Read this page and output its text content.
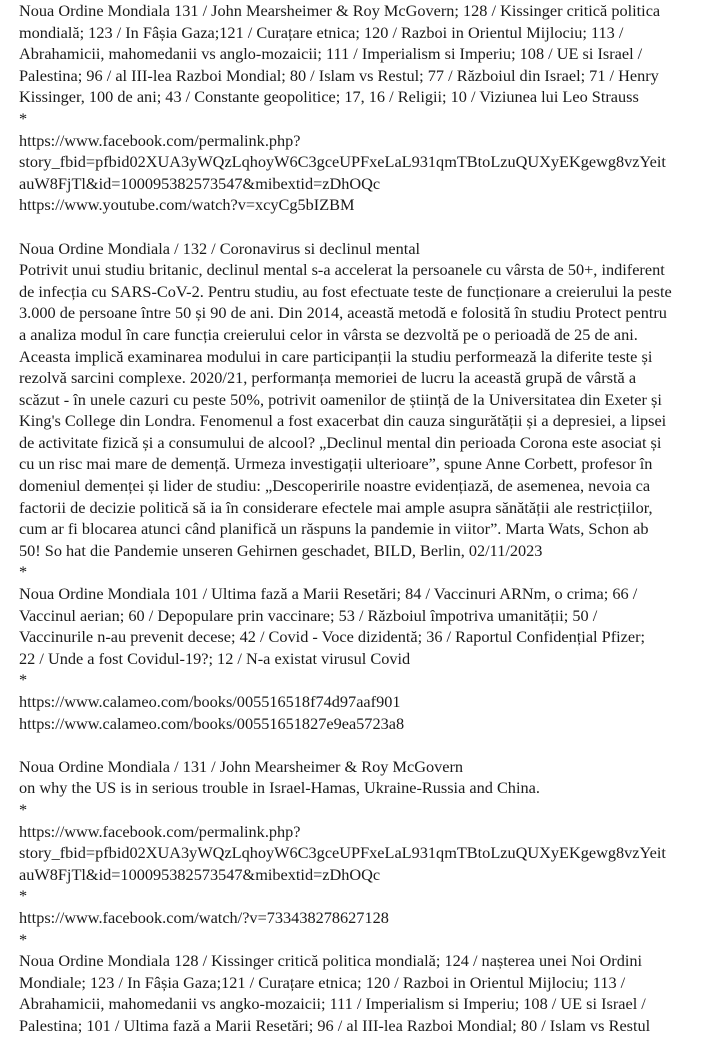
Noua Ordine Mondiala 131 / John Mearsheimer & Roy McGovern; 128 / Kissinger critică politica
mondială; 123 / In Fâșia Gaza;121 / Curațare etnica; 120 / Razboi in Orientul Mijlociu; 113 /
Abrahamicii, mahomedanii vs anglo-mozaicii; 111 / Imperialism si Imperiu; 108 / UE si Israel /
Palestina; 96 / al III-lea Razboi Mondial; 80 / Islam vs Restul; 77 / Războiul din Israel; 71 / Henry
Kissinger, 100 de ani; 43 / Constante geopolitice; 17, 16 / Religii; 10 / Viziunea lui Leo Strauss
*
https://www.facebook.com/permalink.php?
story_fbid=pfbid02XUA3yWQzLqhoyW6C3gceUPFxeLaL931qmTBtoLzuQUXyEKgewg8vzYeit
auW8FjTl&id=100095382573547&mibextid=zDhOQc
https://www.youtube.com/watch?v=xcyCg5bIZBM

Noua Ordine Mondiala / 132 / Coronavirus si declinul mental
Potrivit unui studiu britanic, declinul mental s-a accelerat la persoanele cu vârsta de 50+, indiferent
de infecția cu SARS-CoV-2. Pentru studiu, au fost efectuate teste de funcționare a creierului la peste
3.000 de persoane între 50 și 90 de ani. Din 2014, această metodă e folosită în studiu Protect pentru
a analiza modul în care funcția creierului celor in vârsta se dezvoltă pe o perioadă de 25 de ani.
Aceasta implică examinarea modului in care participanții la studiu performează la diferite teste și
rezolvă sarcini complexe. 2020/21, performanța memoriei de lucru la această grupă de vârstă a
scăzut - în unele cazuri cu peste 50%, potrivit oamenilor de știință de la Universitatea din Exeter și
King's College din Londra. Fenomenul a fost exacerbat din cauza singurătății și a depresiei, a lipsei
de activitate fizică și a consumului de alcool? „Declinul mental din perioada Corona este asociat și
cu un risc mai mare de demență. Urmeza investigații ulterioare”, spune Anne Corbett, profesor în
domeniul demenței și lider de studiu: „Descoperirile noastre evidențiază, de asemenea, nevoia ca
factorii de decizie politică să ia în considerare efectele mai ample asupra sănătății ale restricțiilor,
cum ar fi blocarea atunci când planifică un răspuns la pandemie in viitor”. Marta Wats, Schon ab
50! So hat die Pandemie unseren Gehirnen geschadet, BILD, Berlin, 02/11/2023
*

Noua Ordine Mondiala 101 / Ultima fază a Marii Resetări; 84 / Vaccinuri ARNm, o crima; 66 /
Vaccinul aerian; 60 / Depopulare prin vaccinare; 53 / Războiul împotriva umanității; 50 /
Vaccinurile n-au prevenit decese; 42 / Covid - Voce dizidentă; 36 / Raportul Confidențial Pfizer;
22 / Unde a fost Covidul-19?; 12 / N-a existat virusul Covid
*
https://www.calameo.com/books/005516518f74d97aaf901
https://www.calameo.com/books/00551651827e9ea5723a8

Noua Ordine Mondiala / 131 / John Mearsheimer & Roy McGovern
on why the US is in serious trouble in Israel-Hamas, Ukraine-Russia and China.
*
https://www.facebook.com/permalink.php?
story_fbid=pfbid02XUA3yWQzLqhoyW6C3gceUPFxeLaL931qmTBtoLzuQUXyEKgewg8vzYeit
auW8FjTl&id=100095382573547&mibextid=zDhOQc
*
https://www.facebook.com/watch/?v=733438278627128
*

Noua Ordine Mondiala 128 / Kissinger critică politica mondială; 124 / nașterea unei Noi Ordini
Mondiale; 123 / In Fâșia Gaza;121 / Curațare etnica; 120 / Razboi in Orientul Mijlociu; 113 /
Abrahamicii, mahomedanii vs angko-mozaicii; 111 / Imperialism si Imperiu; 108 / UE si Israel /
Palestina; 101 / Ultima fază a Marii Resetări; 96 / al III-lea Razboi Mondial; 80 / Islam vs Restul
